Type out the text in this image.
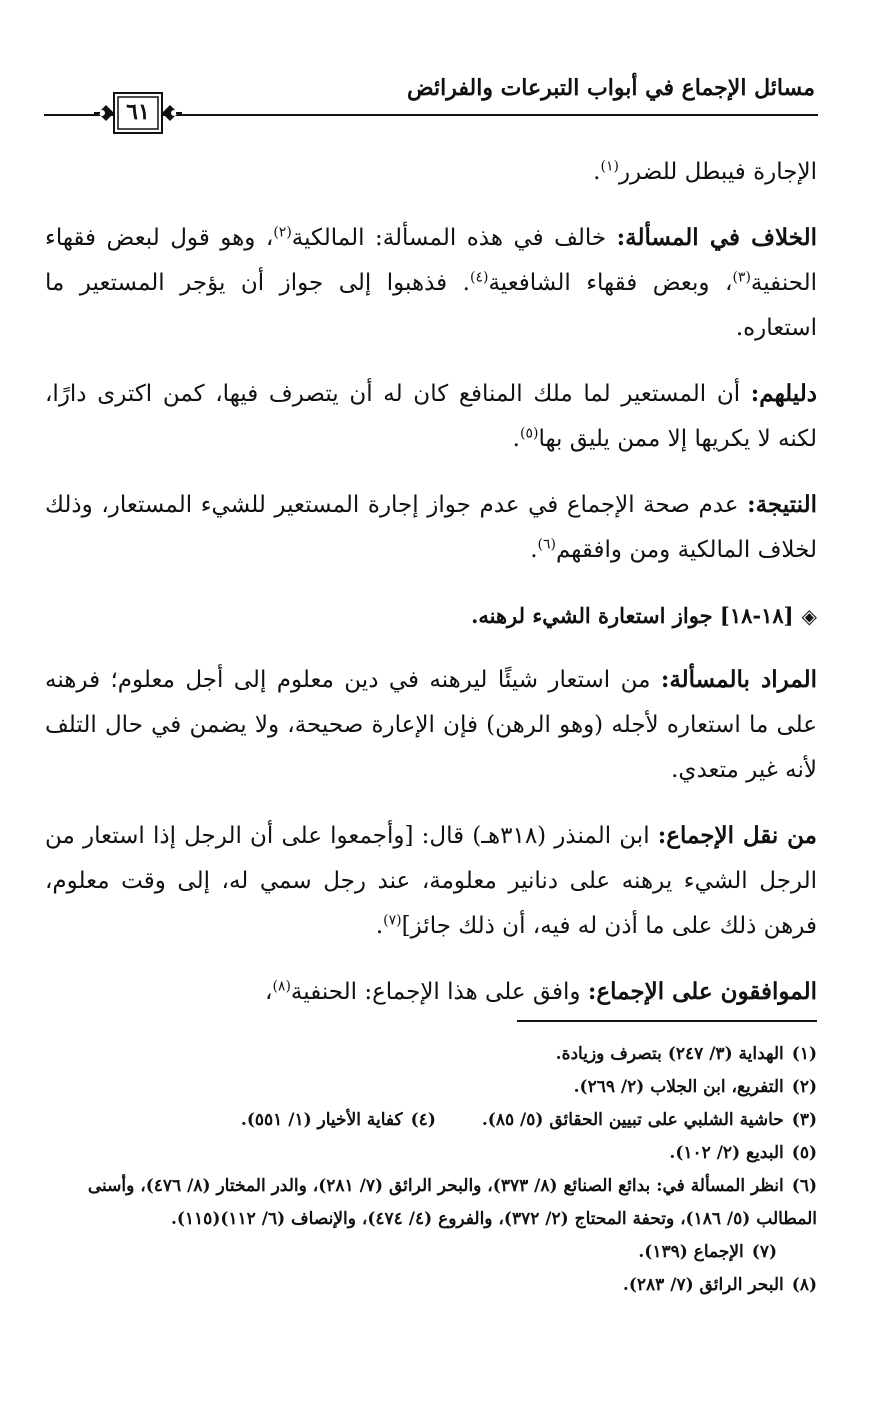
مسائل الإجماع في أبواب التبرعات والفرائض
٦١

الإجارة فيبطل للضرر$^{(١)}$.

الخلاف في المسألة: خالف في هذه المسألة: المالكية$^{(٢)}$، وهو قول لبعض فقهاء الحنفية$^{(٣)}$، وبعض فقهاء الشافعية$^{(٤)}$. فذهبوا إلى جواز أن يؤجر المستعير ما استعاره.

دليلهم: أن المستعير لما ملك المنافع كان له أن يتصرف فيها، كمن اكترى دارًا، لكنه لا يكريها إلا ممن يليق بها$^{(٥)}$.

النتيجة: عدم صحة الإجماع في عدم جواز إجارة المستعير للشيء المستعار، وذلك لخلاف المالكية ومن وافقهم$^{(٦)}$.

◈[١٨-١٨] جواز استعارة الشيء لرهنه.

المراد بالمسألة: من استعار شيئًا ليرهنه في دين معلوم إلى أجل معلوم؛ فرهنه على ما استعاره لأجله (وهو الرهن) فإن الإعارة صحيحة، ولا يضمن في حال التلف لأنه غير متعدي.

من نقل الإجماع: ابن المنذر (٣١٨هـ) قال: [وأجمعوا على أن الرجل إذا استعار من الرجل الشيء يرهنه على دنانير معلومة، عند رجل سمي له، إلى وقت معلوم، فرهن ذلك على ما أذن له فيه، أن ذلك جائز]$^{(٧)}$.

الموافقون على الإجماع: وافق على هذا الإجماع: الحنفية$^{(٨)}$،

(١)الهداية (٣/ ٢٤٧) بتصرف وزيادة.

(٢)التفريع، ابن الجلاب (٢/ ٢٦٩).

(٣)حاشية الشلبي على تبيين الحقائق (٥/ ٨٥).
(٤)كفاية الأخيار (١/ ٥٥١).

(٥)البديع (٢/ ١٠٢).

(٦)انظر المسألة في: بدائع الصنائع (٨/ ٣٧٣)، والبحر الرائق (٧/ ٢٨١)، والدر المختار (٨/ ٤٧٦)، وأسنى المطالب (٥/ ١٨٦)، وتحفة المحتاج (٢/ ٣٧٢)، والفروع (٤/ ٤٧٤)، والإنصاف (٦/ ١١٢)(١١٥). (٧)الإجماع (١٣٩).

(٨)البحر الرائق (٧/ ٢٨٣).
